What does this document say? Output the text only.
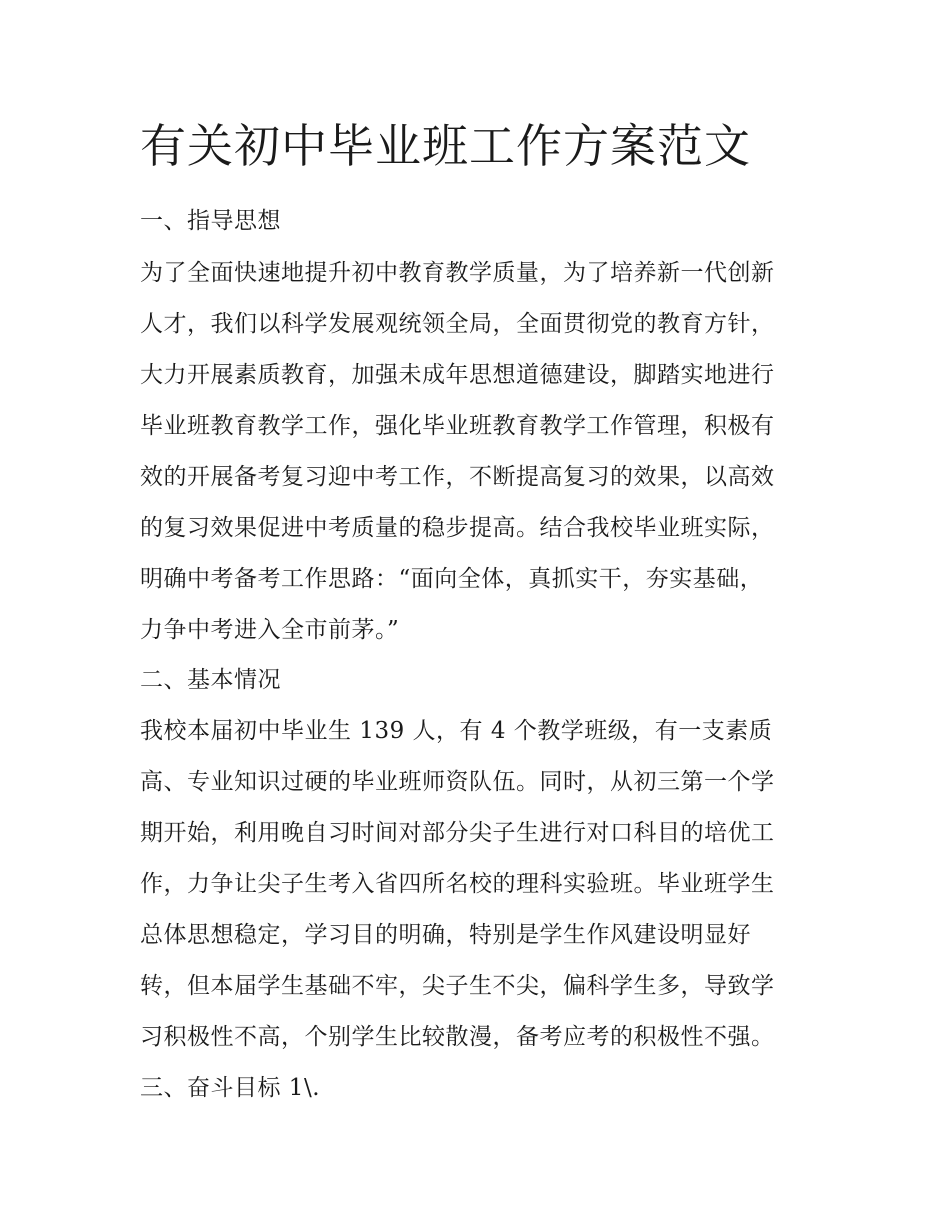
有关初中毕业班工作方案范文
一、指导思想
为了全面快速地提升初中教育教学质量，为了培养新一代创新
人才，我们以科学发展观统领全局，全面贯彻党的教育方针，
大力开展素质教育，加强未成年思想道德建设，脚踏实地进行
毕业班教育教学工作，强化毕业班教育教学工作管理，积极有
效的开展备考复习迎中考工作，不断提高复习的效果，以高效
的复习效果促进中考质量的稳步提高。结合我校毕业班实际，
明确中考备考工作思路：“面向全体，真抓实干，夯实基础，
力争中考进入全市前茅。”
二、基本情况
我校本届初中毕业生 139 人，有 4 个教学班级，有一支素质
高、专业知识过硬的毕业班师资队伍。同时，从初三第一个学
期开始，利用晚自习时间对部分尖子生进行对口科目的培优工
作，力争让尖子生考入省四所名校的理科实验班。毕业班学生
总体思想稳定，学习目的明确，特别是学生作风建设明显好
转，但本届学生基础不牢，尖子生不尖，偏科学生多，导致学
习积极性不高，个别学生比较散漫，备考应考的积极性不强。
三、奋斗目标 1\.
